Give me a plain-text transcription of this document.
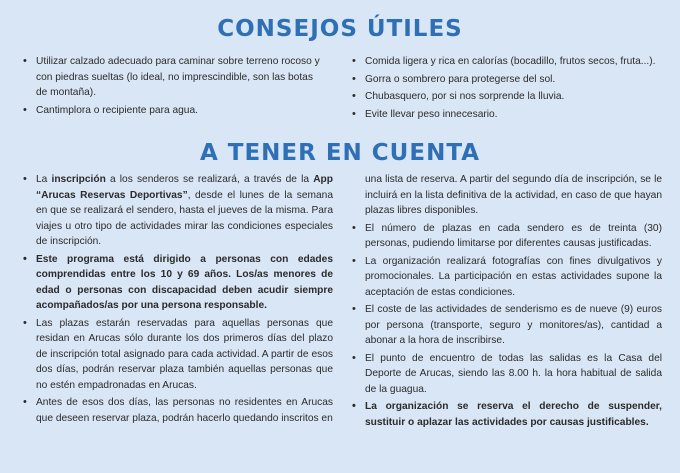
CONSEJOS ÚTILES
• Utilizar calzado adecuado para caminar sobre terreno rocoso y con piedras sueltas (lo ideal, no imprescindible, son las botas de montaña).
• Cantimplora o recipiente para agua.
• Comida ligera y rica en calorías (bocadillo, frutos secos, fruta...).
• Gorra o sombrero para protegerse del sol.
• Chubasquero, por si nos sorprende la lluvia.
• Evite llevar peso innecesario.
A TENER EN CUENTA
• La inscripción a los senderos se realizará, a través de la App “Arucas Reservas Deportivas”, desde el lunes de la semana en que se realizará el sendero, hasta el jueves de la misma. Para viajes u otro tipo de actividades mirar las condiciones especiales de inscripción.
• Este programa está dirigido a personas con edades comprendidas entre los 10 y 69 años. Los/as menores de edad o personas con discapacidad deben acudir siempre acompañados/as por una persona responsable.
• Las plazas estarán reservadas para aquellas personas que residan en Arucas sólo durante los dos primeros días del plazo de inscripción total asignado para cada actividad. A partir de esos dos días, podrán reservar plaza también aquellas personas que no estén empadronadas en Arucas.
• Antes de esos dos días, las personas no residentes en Arucas que deseen reservar plaza, podrán hacerlo quedando inscritos en
una lista de reserva. A partir del segundo día de inscripción, se le incluirá en la lista definitiva de la actividad, en caso de que hayan plazas libres disponibles.
• El número de plazas en cada sendero es de treinta (30) personas, pudiendo limitarse por diferentes causas justificadas.
• La organización realizará fotografías con fines divulgativos y promocionales. La participación en estas actividades supone la aceptación de estas condiciones.
• El coste de las actividades de senderismo es de nueve (9) euros por persona (transporte, seguro y monitores/as), cantidad a abonar a la hora de inscribirse.
• El punto de encuentro de todas las salidas es la Casa del Deporte de Arucas, siendo las 8.00 h. la hora habitual de salida de la guagua.
• La organización se reserva el derecho de suspender, sustituir o aplazar las actividades por causas justificables.
